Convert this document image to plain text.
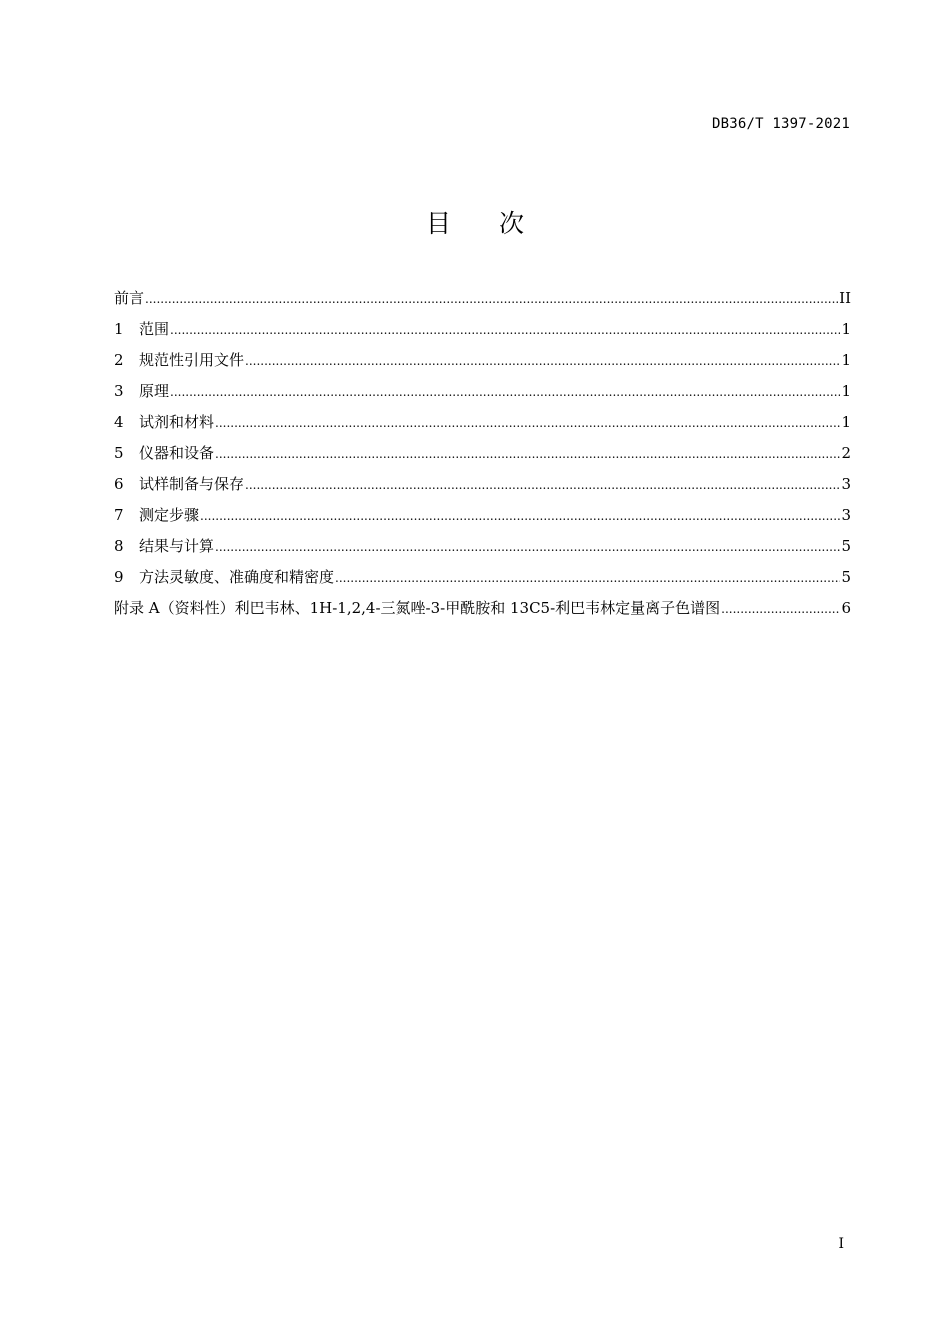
DB36/T 1397-2021
目次
前言 .....	II
1	范围 .....	1
2	规范性引用文件 .....	1
3	原理 .....	1
4	试剂和材料 .....	1
5	仪器和设备 .....	2
6	试样制备与保存 .....	3
7	测定步骤 .....	3
8	结果与计算 .....	5
9	方法灵敏度、准确度和精密度 .....	5
附录 A（资料性）利巴韦林、1H-1,2,4-三氮唑-3-甲酰胺和 13C5-利巴韦林定量离子色谱图 .....	6
I
